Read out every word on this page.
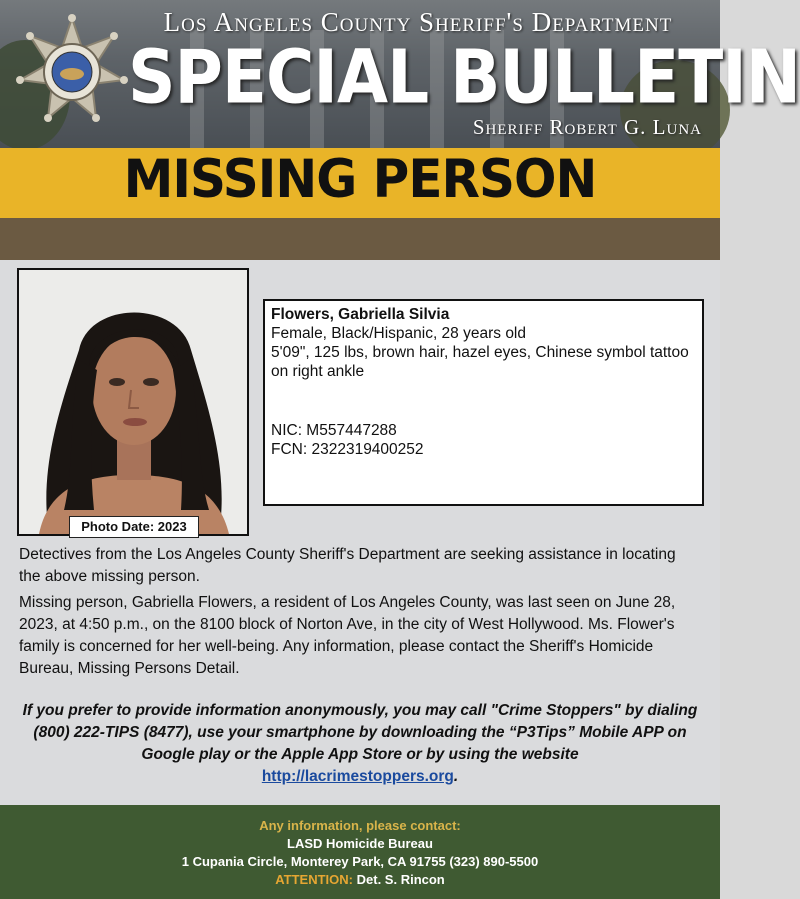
Los Angeles County Sheriff's Department
SPECIAL BULLETIN
Sheriff Robert G. Luna
MISSING PERSON
Photo Date: 2023
Flowers, Gabriella Silvia
Female, Black/Hispanic, 28 years old
5'09", 125 lbs, brown hair, hazel eyes, Chinese symbol tattoo on right ankle
NIC: M557447288
FCN: 2322319400252
Detectives from the Los Angeles County Sheriff's Department are seeking assistance in locating the above missing person.
Missing person, Gabriella Flowers, a resident of Los Angeles County, was last seen on June 28, 2023, at 4:50 p.m., on the 8100 block of Norton Ave, in the city of West Hollywood. Ms. Flower's family is concerned for her well-being. Any information, please contact the Sheriff's Homicide Bureau, Missing Persons Detail.
If you prefer to provide information anonymously, you may call "Crime Stoppers" by dialing (800) 222-TIPS (8477), use your smartphone by downloading the “P3Tips” Mobile APP on Google play or the Apple App Store or by using the website
http://lacrimestoppers.org.
Any information, please contact:
LASD Homicide Bureau
1 Cupania Circle, Monterey Park, CA 91755 (323) 890-5500
ATTENTION: Det. S. Rincon
